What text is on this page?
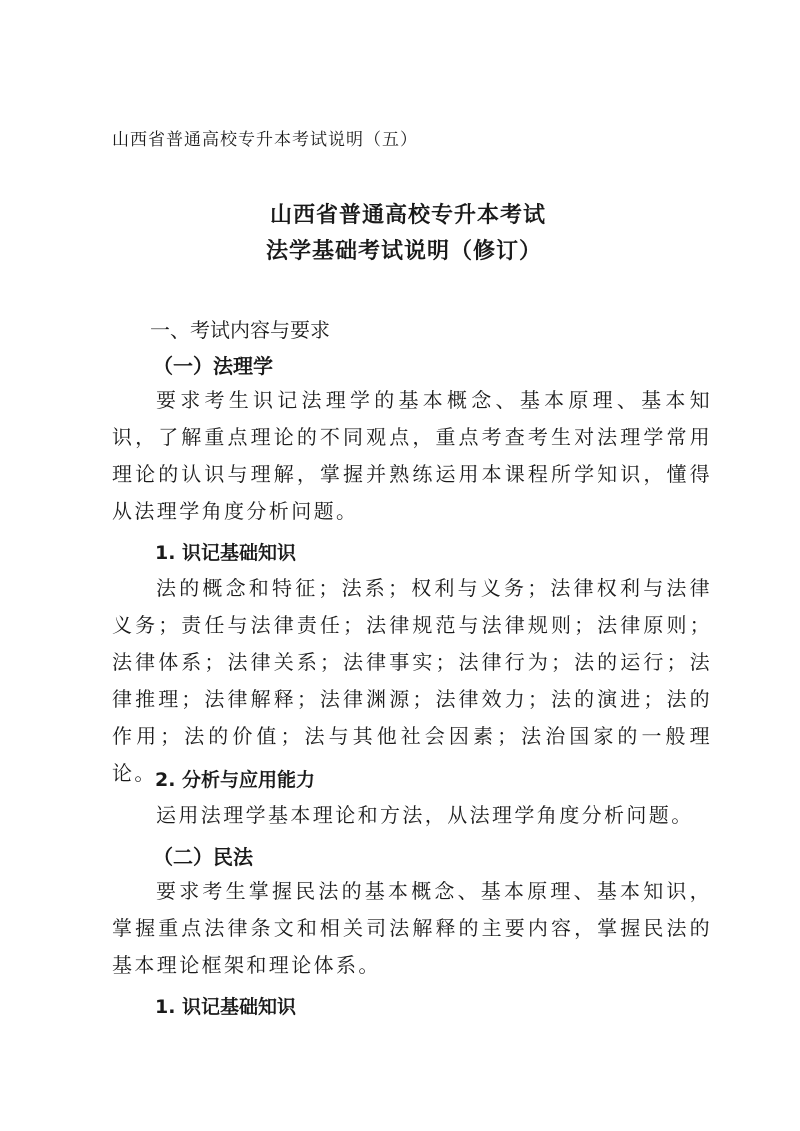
山西省普通高校专升本考试说明（五）
山西省普通高校专升本考试
法学基础考试说明（修订）
一、考试内容与要求
（一）法理学
要求考生识记法理学的基本概念、基本原理、基本知识，了解重点理论的不同观点，重点考查考生对法理学常用理论的认识与理解，掌握并熟练运用本课程所学知识，懂得从法理学角度分析问题。
1. 识记基础知识
法的概念和特征；法系；权利与义务；法律权利与法律义务；责任与法律责任；法律规范与法律规则；法律原则；法律体系；法律关系；法律事实；法律行为；法的运行；法律推理；法律解释；法律渊源；法律效力；法的演进；法的作用；法的价值；法与其他社会因素；法治国家的一般理论。
2. 分析与应用能力
运用法理学基本理论和方法，从法理学角度分析问题。
（二）民法
要求考生掌握民法的基本概念、基本原理、基本知识，掌握重点法律条文和相关司法解释的主要内容，掌握民法的基本理论框架和理论体系。
1. 识记基础知识
